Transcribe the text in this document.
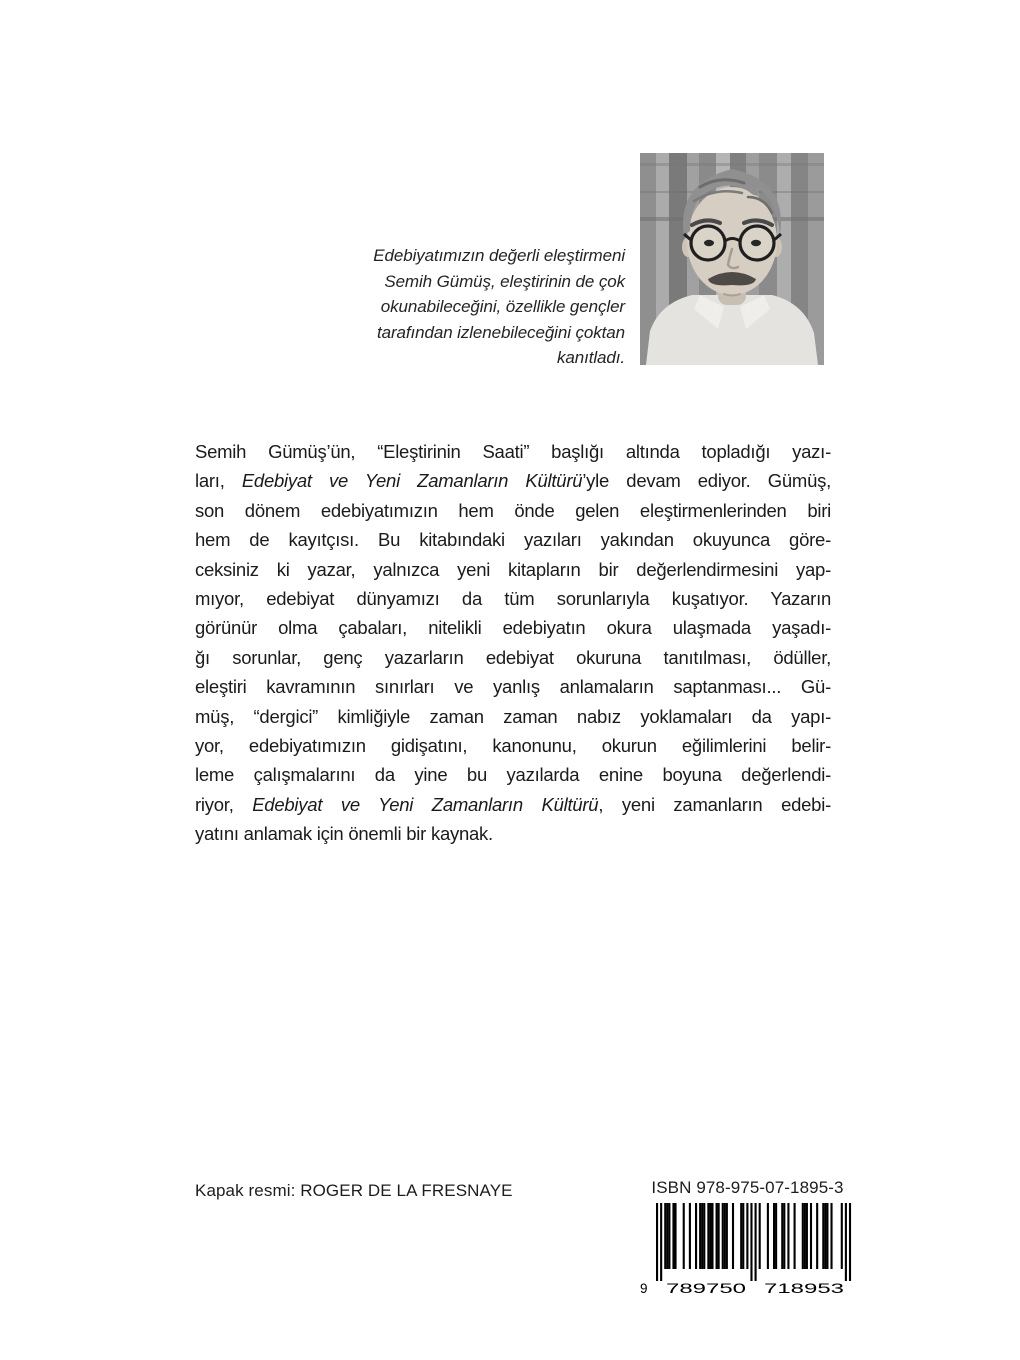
Edebiyatımızın değerli eleştirmeni
Semih Gümüş, eleştirinin de çok
okunabileceğini, özellikle gençler
tarafından izlenebileceğini çoktan
kanıtladı.
Semih Gümüş’ün, “Eleştirinin Saati” başlığı altında topladığı yazı-
ları, Edebiyat ve Yeni Zamanların Kültürü’yle devam ediyor. Gümüş,
son dönem edebiyatımızın hem önde gelen eleştirmenlerinden biri
hem de kayıtçısı. Bu kitabındaki yazıları yakından okuyunca göre-
ceksiniz ki yazar, yalnızca yeni kitapların bir değerlendirmesini yap-
mıyor, edebiyat dünyamızı da tüm sorunlarıyla kuşatıyor. Yazarın
görünür olma çabaları, nitelikli edebiyatın okura ulaşmada yaşadı-
ğı sorunlar, genç yazarların edebiyat okuruna tanıtılması, ödüller,
eleştiri kavramının sınırları ve yanlış anlamaların saptanması... Gü-
müş, “dergici” kimliğiyle zaman zaman nabız yoklamaları da yapı-
yor, edebiyatımızın gidişatını, kanonunu, okurun eğilimlerini belir-
leme çalışmalarını da yine bu yazılarda enine boyuna değerlendi-
riyor, Edebiyat ve Yeni Zamanların Kültürü, yeni zamanların edebi-
yatını anlamak için önemli bir kaynak.
Kapak resmi: ROGER DE LA FRESNAYE	ISBN 978-975-07-1895-3
9 789750 718953
